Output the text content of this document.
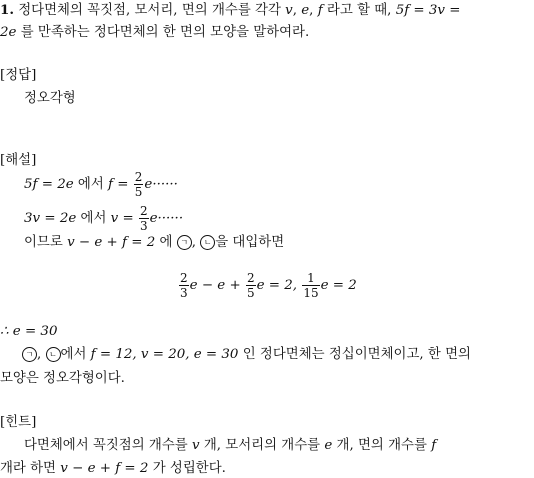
1. 정다면체의 꼭짓점, 모서리, 면의 개수를 각각 v, e, f 라고 할 때, 5f = 3v =
2e 를 만족하는 정다면체의 한 면의 모양을 말하여라.
[정답]
정오각형
[해설]
5f = 2e 에서 $f = \frac{2}{5} e\cdot\cdot\cdot\cdot\cdot\cdot$
3v = 2e 에서 $v = \frac{2}{3} e\cdot\cdot\cdot\cdot\cdot\cdot$
이므로 v − e + f = 2 에 ㄱ , ㄴ 을 대입하면
$\frac{2}{3}$ $e - e + \frac{2}{5}$ e = 2, $\frac{1}{15}$ e = 2
∴ e = 30
ㄱ , ㄴ 에서 f = 12, v = 20, e = 30 인 정다면체는 정십이면체이고, 한 면의
모양은 정오각형이다.
[힌트]
다면체에서 꼭짓점의 개수를 v 개, 모서리의 개수를 e 개, 면의 개수를 f
개라 하면 v − e + f = 2 가 성립한다.
